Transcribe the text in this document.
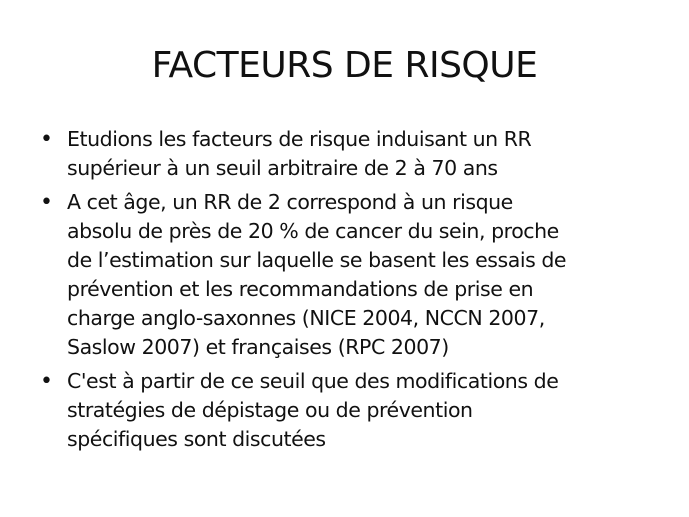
FACTEURS DE RISQUE
• Etudions les facteurs de risque induisant un RR
supérieur à un seuil arbitraire de 2 à 70 ans
• A cet âge, un RR de 2 correspond à un risque
absolu de près de 20 % de cancer du sein, proche
de l’estimation sur laquelle se basent les essais de
prévention et les recommandations de prise en
charge anglo-saxonnes (NICE 2004, NCCN 2007,
Saslow 2007) et françaises (RPC 2007)
• C'est à partir de ce seuil que des modifications de
stratégies de dépistage ou de prévention
spécifiques sont discutées
